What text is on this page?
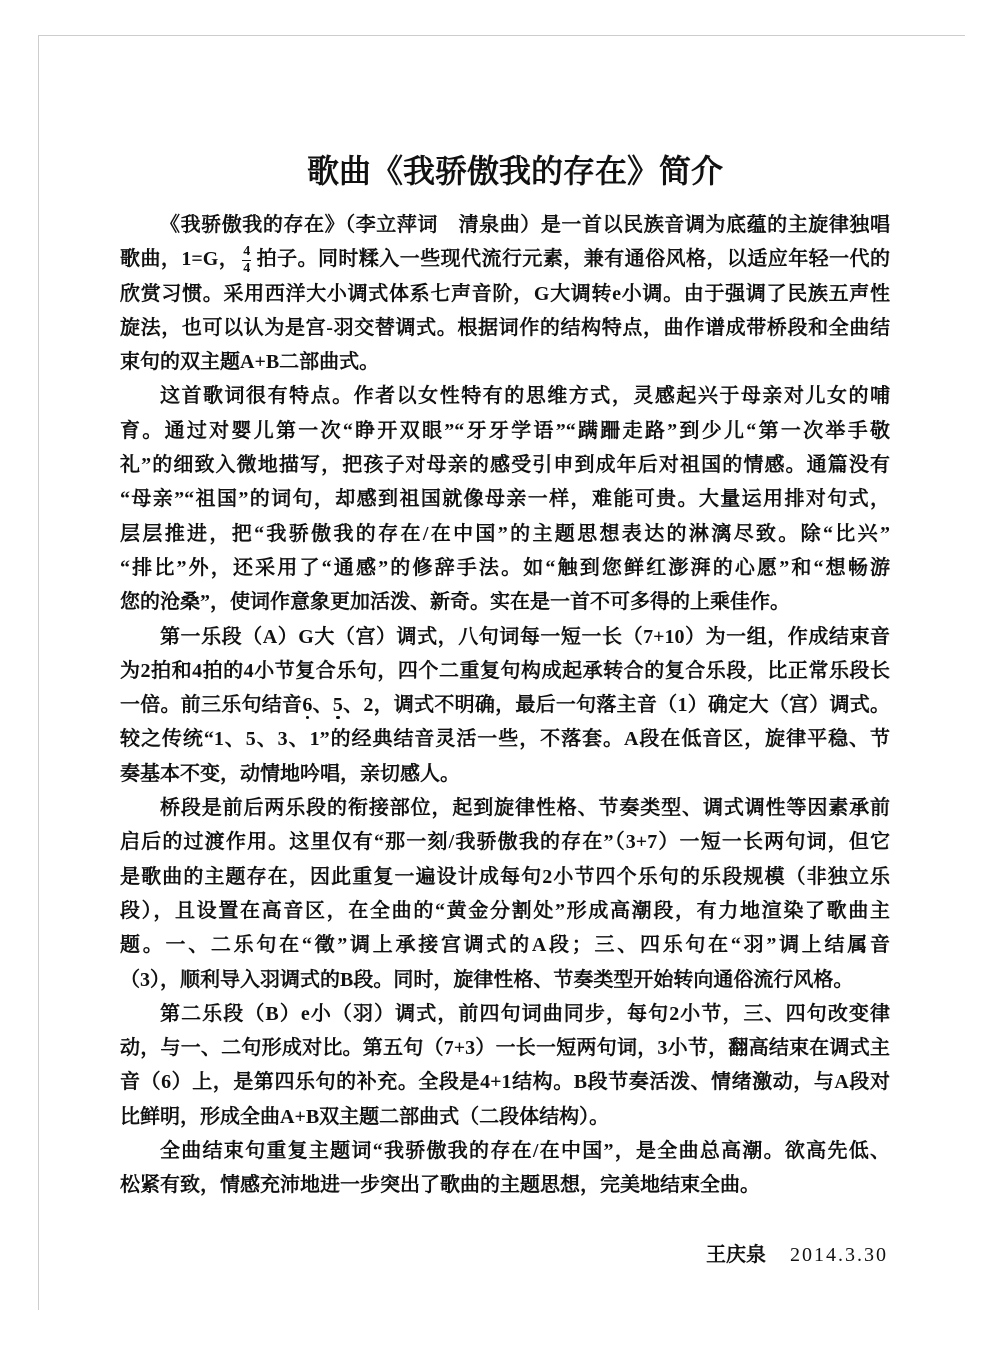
歌曲《我骄傲我的存在》简介
《我骄傲我的存在》（李立萍词　清泉曲）是一首以民族音调为底蕴的主旋律独唱
歌曲，1=G， $\frac{4}{4}$ 拍子。同时糅入一些现代流行元素，兼有通俗风格，以适应年轻一代的
欣赏习惯。采用西洋大小调式体系七声音阶，G大调转e小调。由于强调了民族五声性
旋法，也可以认为是宫-羽交替调式。根据词作的结构特点，曲作谱成带桥段和全曲结
束句的双主题A+B二部曲式。
这首歌词很有特点。作者以女性特有的思维方式，灵感起兴于母亲对儿女的哺
育。通过对婴儿第一次“睁开双眼”“牙牙学语”“蹒跚走路”到少儿“第一次举手敬
礼”的细致入微地描写，把孩子对母亲的感受引申到成年后对祖国的情感。通篇没有
“母亲”“祖国”的词句，却感到祖国就像母亲一样，难能可贵。大量运用排对句式，
层层推进，把“我骄傲我的存在/在中国”的主题思想表达的淋漓尽致。除“比兴”
“排比”外，还采用了“通感”的修辞手法。如“触到您鲜红澎湃的心愿”和“想畅游
您的沧桑”，使词作意象更加活泼、新奇。实在是一首不可多得的上乘佳作。
第一乐段（A）G大（宫）调式，八句词每一短一长（7+10）为一组，作成结束音
为2拍和4拍的4小节复合乐句，四个二重复句构成起承转合的复合乐段，比正常乐段长
一倍。前三乐句结音6、5、2，调式不明确，最后一句落主音（1）确定大（宫）调式。
较之传统“1、5、3、1”的经典结音灵活一些，不落套。A段在低音区，旋律平稳、节
奏基本不变，动情地吟唱，亲切感人。
桥段是前后两乐段的衔接部位，起到旋律性格、节奏类型、调式调性等因素承前
启后的过渡作用。这里仅有“那一刻/我骄傲我的存在”（3+7）一短一长两句词，但它
是歌曲的主题存在，因此重复一遍设计成每句2小节四个乐句的乐段规模（非独立乐
段），且设置在高音区，在全曲的“黄金分割处”形成高潮段，有力地渲染了歌曲主
题。一、二乐句在“徵”调上承接宫调式的A段；三、四乐句在“羽”调上结属音
（3），顺利导入羽调式的B段。同时，旋律性格、节奏类型开始转向通俗流行风格。
第二乐段（B）e小（羽）调式，前四句词曲同步，每句2小节，三、四句改变律
动，与一、二句形成对比。第五句（7+3）一长一短两句词，3小节，翻高结束在调式主
音（6）上，是第四乐句的补充。全段是4+1结构。B段节奏活泼、情绪激动，与A段对
比鲜明，形成全曲A+B双主题二部曲式（二段体结构）。
全曲结束句重复主题词“我骄傲我的存在/在中国”，是全曲总高潮。欲高先低、
松紧有致，情感充沛地进一步突出了歌曲的主题思想，完美地结束全曲。
王庆泉 2014.3.30
